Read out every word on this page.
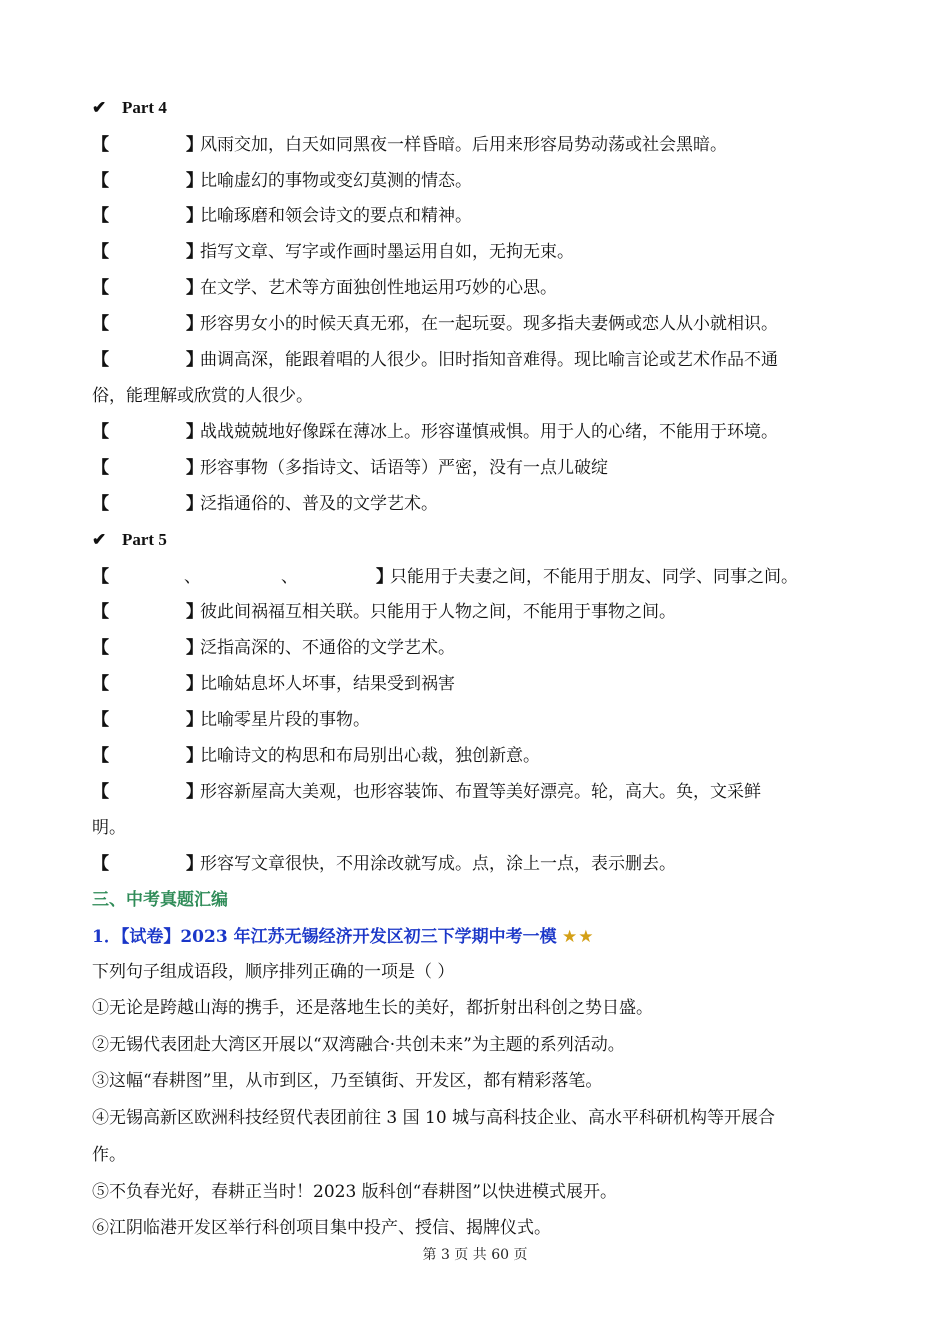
✔ Part 4
【	】风雨交加，白天如同黑夜一样昏暗。后用来形容局势动荡或社会黑暗。
【	】比喻虚幻的事物或变幻莫测的情态。
【	】比喻琢磨和领会诗文的要点和精神。
【	】指写文章、写字或作画时墨运用自如，无拘无束。
【	】在文学、艺术等方面独创性地运用巧妙的心思。
【	】形容男女小的时候天真无邪，在一起玩耍。现多指夫妻俩或恋人从小就相识。
【	】曲调高深，能跟着唱的人很少。旧时指知音难得。现比喻言论或艺术作品不通
俗，能理解或欣赏的人很少。
【	】战战兢兢地好像踩在薄冰上。形容谨慎戒惧。用于人的心绪，不能用于环境。
【	】形容事物（多指诗文、话语等）严密，没有一点儿破绽
【	】泛指通俗的、普及的文学艺术。
✔ Part 5
【	、	、	】只能用于夫妻之间，不能用于朋友、同学、同事之间。
【	】彼此间祸福互相关联。只能用于人物之间，不能用于事物之间。
【	】泛指高深的、不通俗的文学艺术。
【	】比喻姑息坏人坏事，结果受到祸害
【	】比喻零星片段的事物。
【	】比喻诗文的构思和布局别出心裁，独创新意。
【	】形容新屋高大美观，也形容装饰、布置等美好漂亮。轮，高大。奂，文采鲜
明。
【	】形容写文章很快，不用涂改就写成。点，涂上一点，表示删去。
三、中考真题汇编
1．【试卷】2023 年江苏无锡经济开发区初三下学期中考一模 ★★
下列句子组成语段，顺序排列正确的一项是（ ）
①无论是跨越山海的携手，还是落地生长的美好，都折射出科创之势日盛。
②无锡代表团赴大湾区开展以“双湾融合·共创未来”为主题的系列活动。
③这幅“春耕图”里，从市到区，乃至镇街、开发区，都有精彩落笔。
④无锡高新区欧洲科技经贸代表团前往 3 国 10 城与高科技企业、高水平科研机构等开展合
作。
⑤不负春光好，春耕正当时！2023 版科创“春耕图”以快进模式展开。
⑥江阴临港开发区举行科创项目集中投产、授信、揭牌仪式。
第 3 页 共 60 页
